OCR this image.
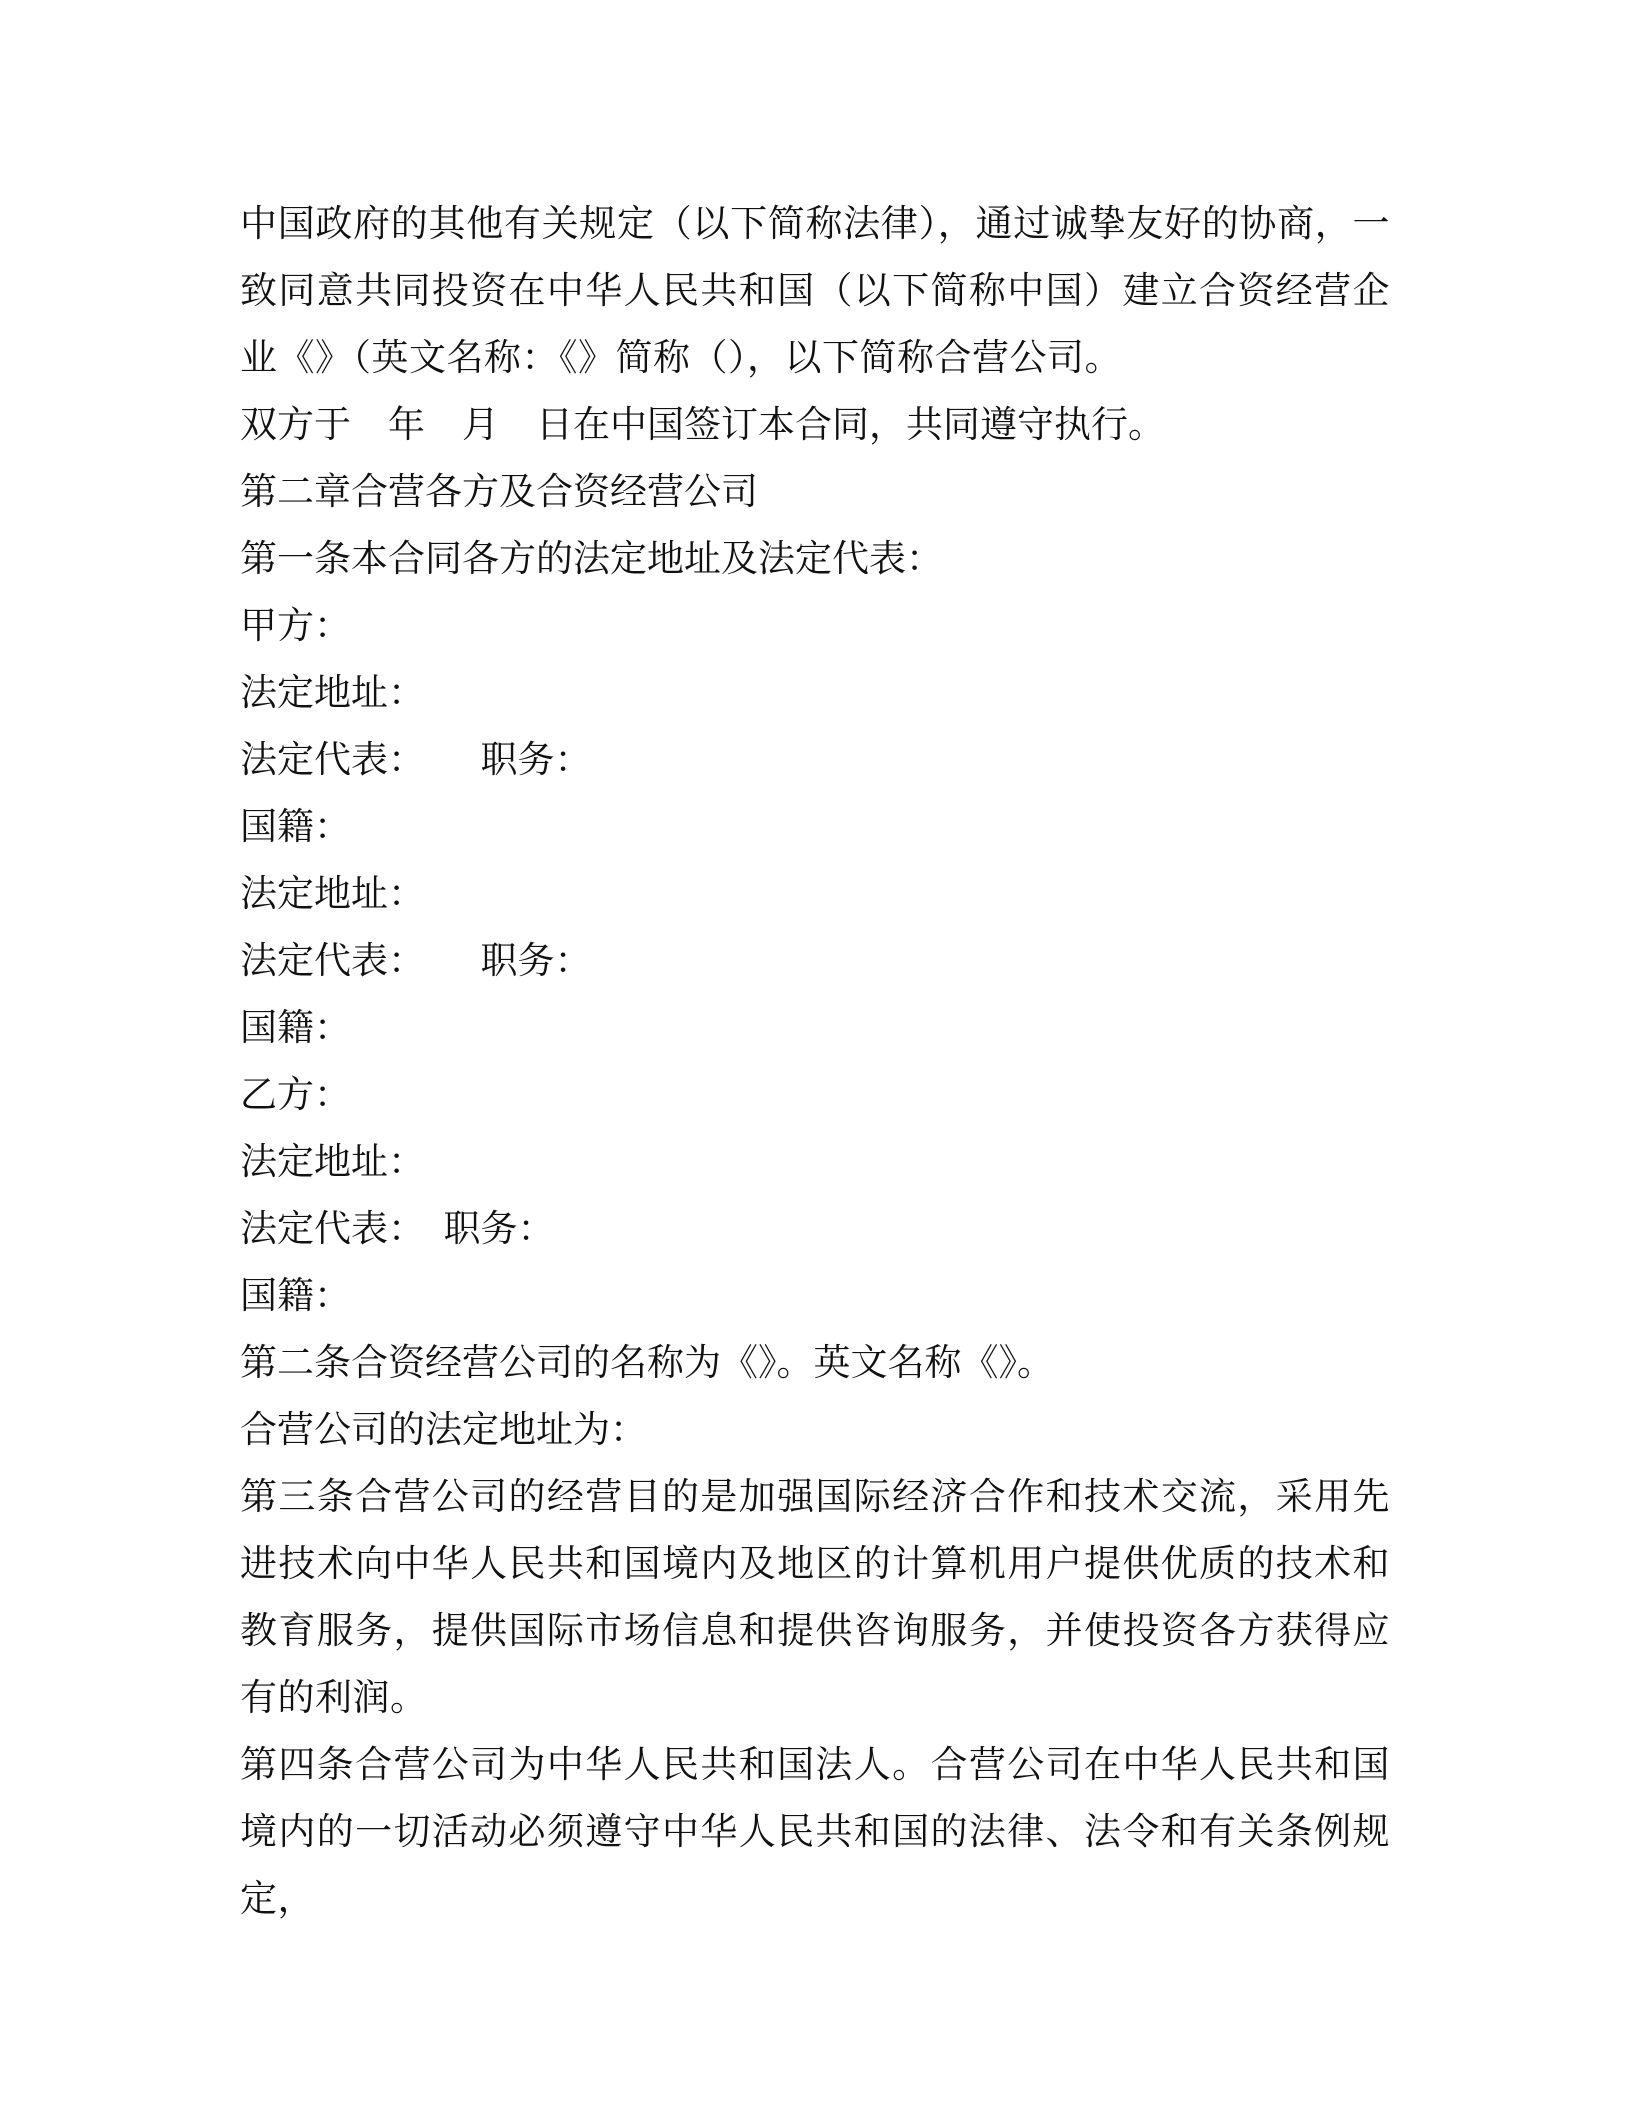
中国政府的其他有关规定（以下简称法律），通过诚挚友好的协商，一致同意共同投资在中华人民共和国（以下简称中国）建立合资经营企业《》（英文名称：《》简称（），以下简称合营公司。

双方于　年　月　日在中国签订本合同，共同遵守执行。

第二章合营各方及合资经营公司

第一条本合同各方的法定地址及法定代表：

甲方：

法定地址：

法定代表：　　职务：

国籍：

法定地址：

法定代表：　　职务：

国籍：

乙方：

法定地址：

法定代表：　职务：

国籍：

第二条合资经营公司的名称为《》。英文名称《》。

合营公司的法定地址为：

第三条合营公司的经营目的是加强国际经济合作和技术交流，采用先进技术向中华人民共和国境内及地区的计算机用户提供优质的技术和教育服务，提供国际市场信息和提供咨询服务，并使投资各方获得应有的利润。

第四条合营公司为中华人民共和国法人。合营公司在中华人民共和国境内的一切活动必须遵守中华人民共和国的法律、法令和有关条例规定，
